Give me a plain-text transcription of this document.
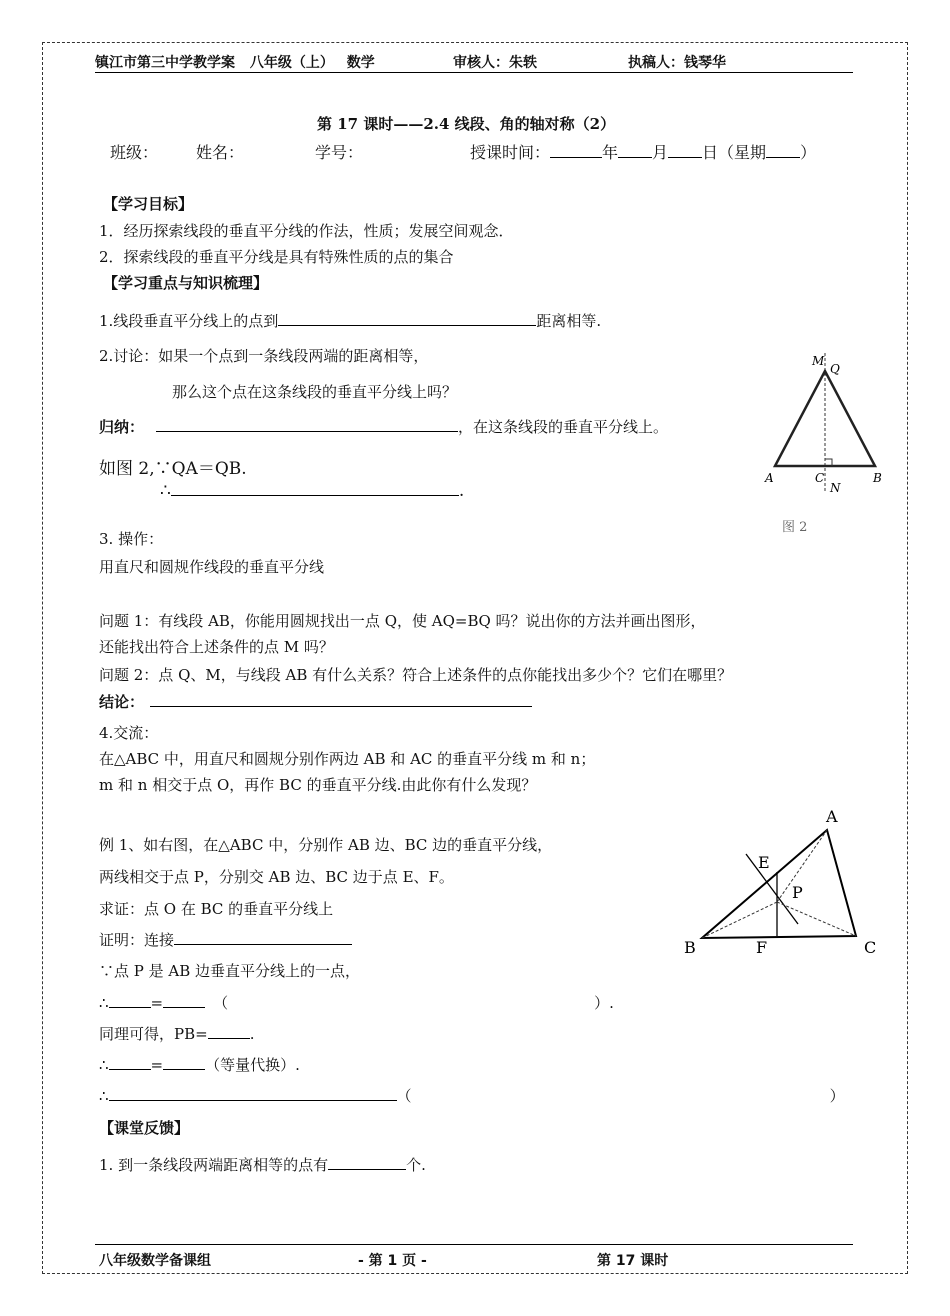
镇江市第三中学教学案 八年级（上） 数学	审核人：朱轶	执稿人：钱琴华
第 17 课时——2.4 线段、角的轴对称（2）
班级： 姓名：	学号：	授课时间：	年 月 日（星期 ）
【学习目标】
1．经历探索线段的垂直平分线的作法，性质；发展空间观念．
2．探索线段的垂直平分线是具有特殊性质的点的集合
【学习重点与知识梳理】
1.线段垂直平分线上的点到	距离相等.
2.讨论：如果一个点到一条线段两端的距离相等，
那么这个点在这条线段的垂直平分线上吗？
归纳：	，在这条线段的垂直平分线上。
如图 2,∵QA＝QB.
∴	.
M
Q
A	C	B
N
图 2
3. 操作：
用直尺和圆规作线段的垂直平分线
问题 1：有线段 AB，你能用圆规找出一点 Q，使 AQ=BQ 吗？说出你的方法并画出图形，
还能找出符合上述条件的点 M 吗？
问题 2：点 Q、M，与线段 AB 有什么关系？符合上述条件的点你能找出多少个？它们在哪里？
结论：
4.交流：
在△ABC 中，用直尺和圆规分别作两边 AB 和 AC 的垂直平分线 m 和 n；
m 和 n 相交于点 O，再作 BC 的垂直平分线.由此你有什么发现？
例 1、如右图，在△ABC 中，分别作 AB 边、BC 边的垂直平分线，
两线相交于点 P，分别交 AB 边、BC 边于点 E、F。
求证：点 O 在 BC 的垂直平分线上
证明：连接
∵点 P 是 AB 边垂直平分线上的一点，
∴	=	（	）.
同理可得，PB=	.
∴	=	（等量代换）.
∴	（	）
A
B	C
E
F
P
【课堂反馈】
1. 到一条线段两端距离相等的点有	个.
八年级数学备课组	- 第 1 页 -	第 17 课时
